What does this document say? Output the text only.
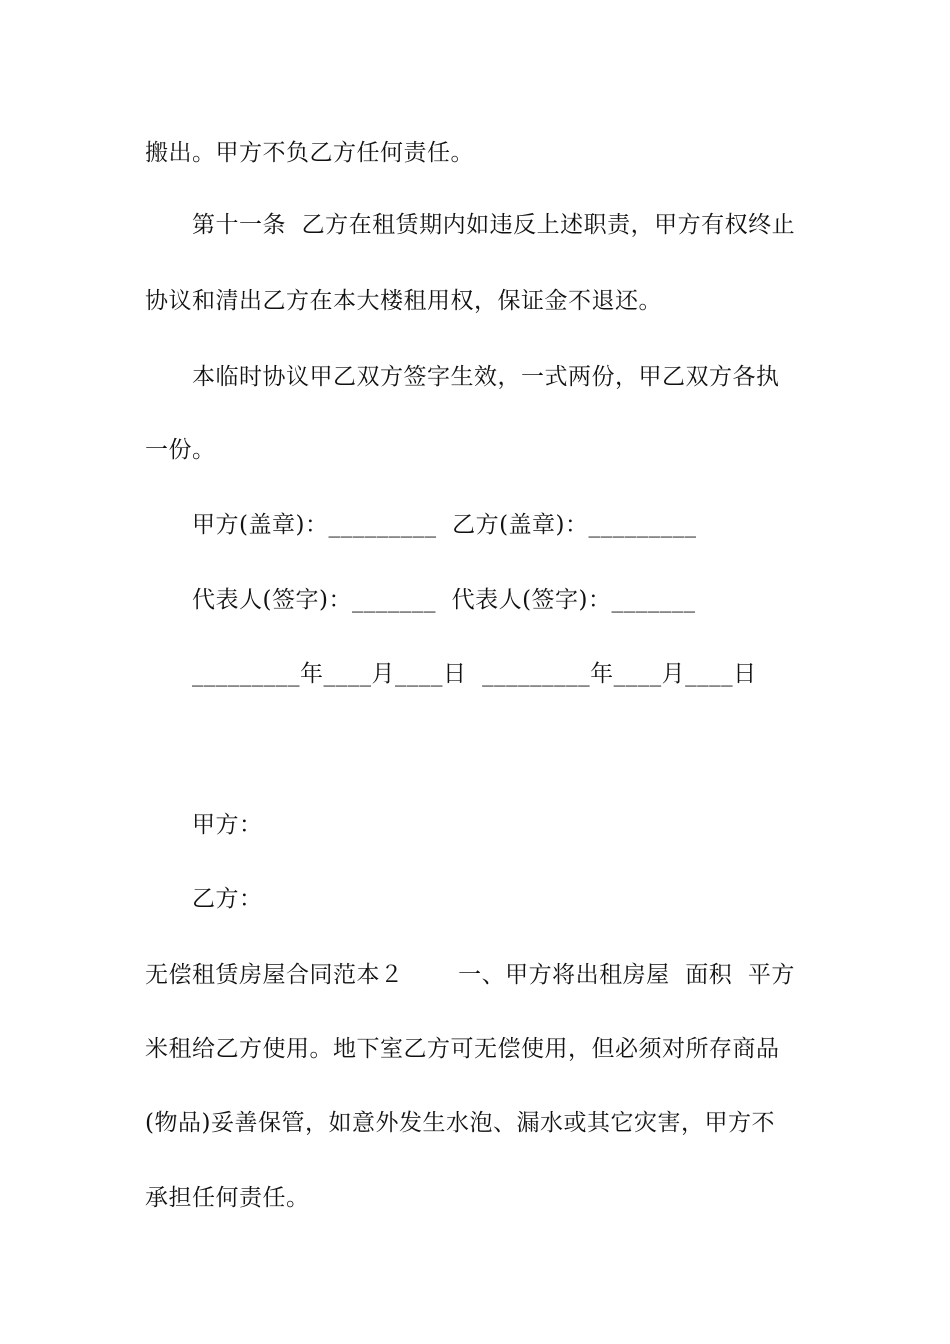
搬出。甲方不负乙方任何责任。
第十一条  乙方在租赁期内如违反上述职责，甲方有权终止
协议和清出乙方在本大楼租用权，保证金不退还。
本临时协议甲乙双方签字生效，一式两份，甲乙双方各执
一份。
甲方(盖章)：_________  乙方(盖章)：_________
代表人(签字)：_______  代表人(签字)：_______
_________年____月____日  _________年____月____日
甲方：
乙方：
无偿租赁房屋合同范本２       一、甲方将出租房屋  面积  平方
米租给乙方使用。地下室乙方可无偿使用，但必须对所存商品
(物品)妥善保管，如意外发生水泡、漏水或其它灾害，甲方不
承担任何责任。
